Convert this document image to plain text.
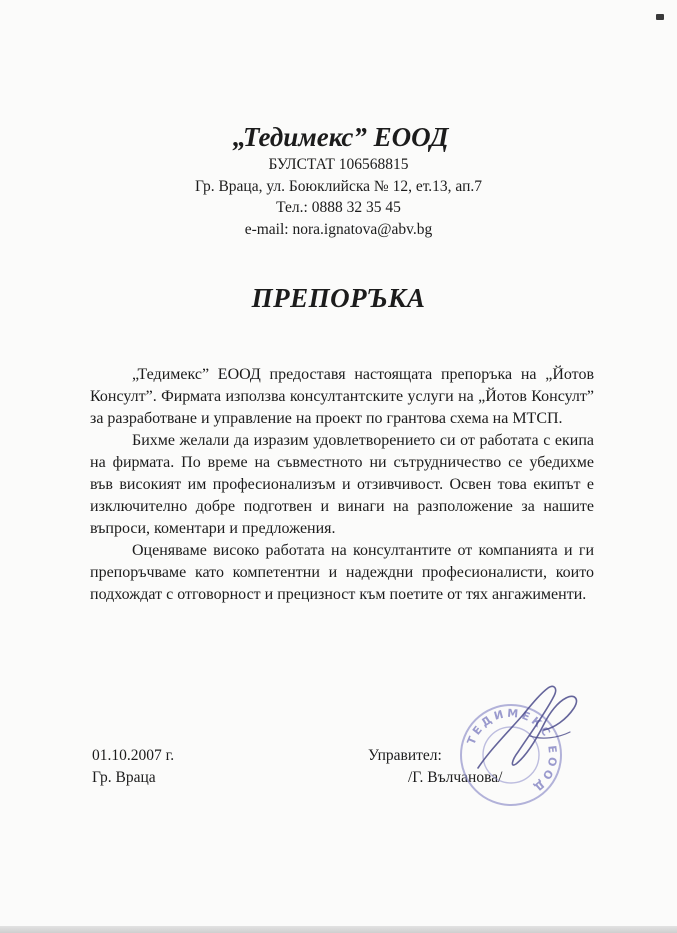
„Тедимекс” ЕООД

БУЛСТАТ 106568815

Гр. Враца, ул. Боюклийска № 12, ет.13, ап.7

Тел.: 0888 32 35 45

e-mail: nora.ignatova@abv.bg

ПРЕПОРЪКА

„Тедимекс” ЕООД предоставя настоящата препоръка на „Йотов Консулт”. Фирмата използва консултантските услуги на „Йотов Консулт” за разработване и управление на проект по грантова схема на МТСП.

Бихме желали да изразим удовлетворението си от работата с екипа на фирмата. По време на съвместното ни сътрудничество се убедихме във високият им професионализъм и отзивчивост. Освен това екипът е изключително добре подготвен и винаги на разположение за нашите въпроси, коментари и предложения.

Оценяваме високо работата на консултантите от компанията и ги препоръчваме като компетентни и надеждни професионалисти, които подхождат с отговорност и прецизност към поетите от тях ангажименти.

01.10.2007 г.
Гр. Враца
Управител:
/Г. Вълчанова/
ТЕДИМЕКС ЕООД
